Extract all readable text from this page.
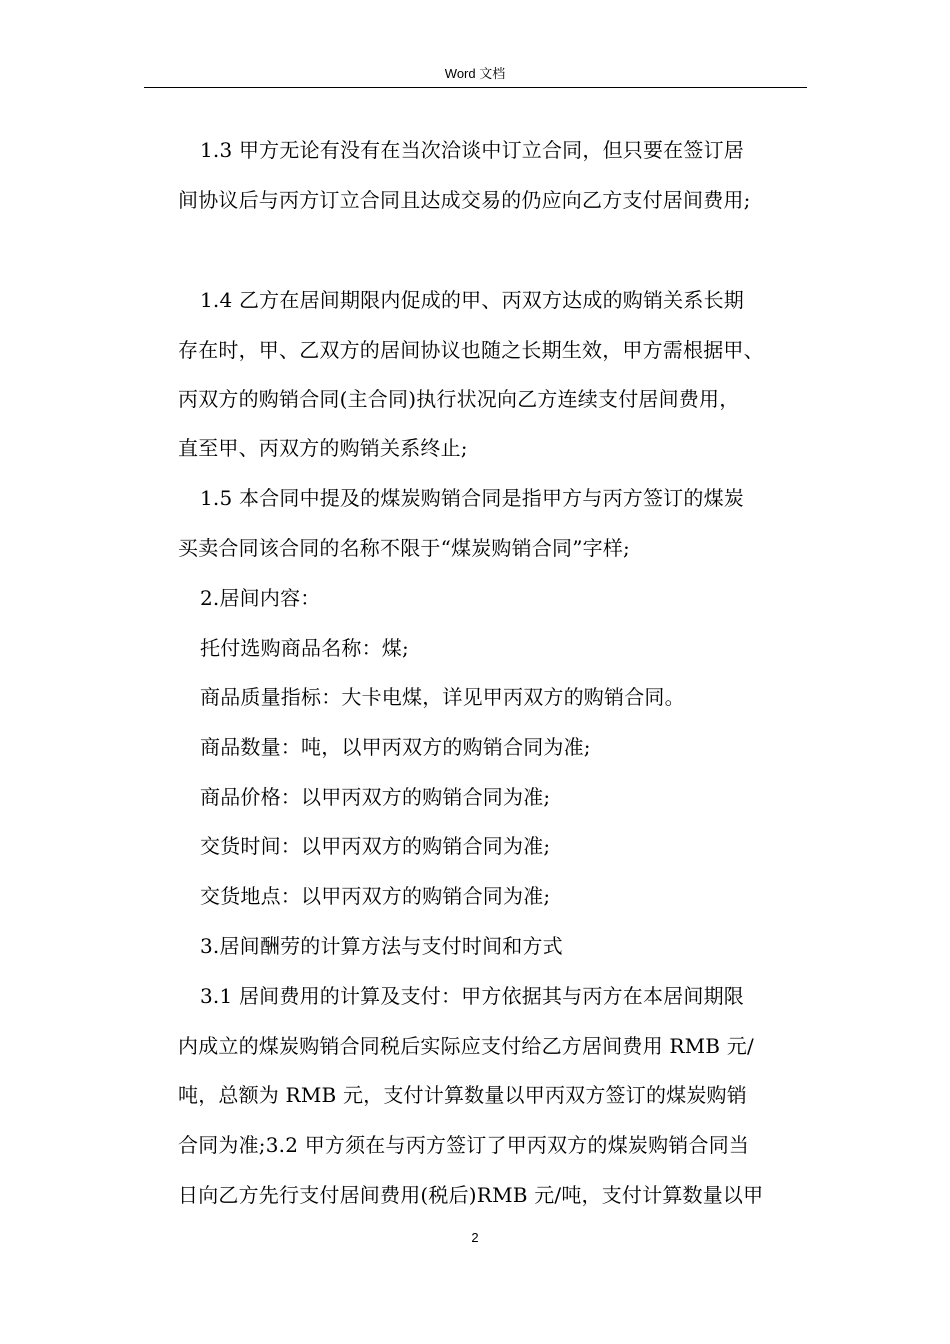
Word 文档
1.3 甲方无论有没有在当次洽谈中订立合同，但只要在签订居
间协议后与丙方订立合同且达成交易的仍应向乙方支付居间费用;
1.4 乙方在居间期限内促成的甲、丙双方达成的购销关系长期
存在时，甲、乙双方的居间协议也随之长期生效，甲方需根据甲、
丙双方的购销合同(主合同)执行状况向乙方连续支付居间费用，
直至甲、丙双方的购销关系终止;
1.5 本合同中提及的煤炭购销合同是指甲方与丙方签订的煤炭
买卖合同该合同的名称不限于“煤炭购销合同”字样;
2.居间内容：
托付选购商品名称：煤;
商品质量指标：大卡电煤，详见甲丙双方的购销合同。
商品数量：吨，以甲丙双方的购销合同为准;
商品价格：以甲丙双方的购销合同为准;
交货时间：以甲丙双方的购销合同为准;
交货地点：以甲丙双方的购销合同为准;
3.居间酬劳的计算方法与支付时间和方式
3.1 居间费用的计算及支付：甲方依据其与丙方在本居间期限
内成立的煤炭购销合同税后实际应支付给乙方居间费用 RMB 元/
吨，总额为 RMB 元，支付计算数量以甲丙双方签订的煤炭购销
合同为准;3.2 甲方须在与丙方签订了甲丙双方的煤炭购销合同当
日向乙方先行支付居间费用(税后)RMB 元/吨，支付计算数量以甲
2
